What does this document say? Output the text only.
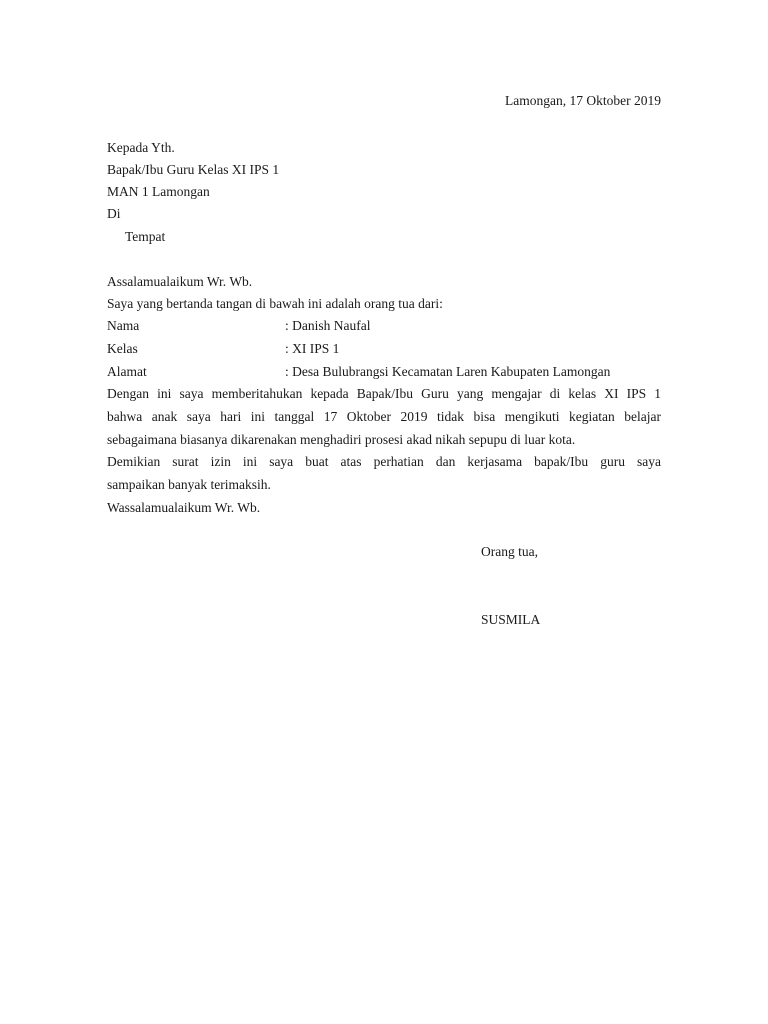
Lamongan, 17 Oktober 2019
Kepada Yth.
Bapak/Ibu Guru Kelas XI IPS 1
MAN 1 Lamongan
Di
Tempat
Assalamualaikum Wr. Wb.
Saya yang bertanda tangan di bawah ini adalah orang tua dari:
Nama	: Danish Naufal
Kelas	: XI IPS 1
Alamat	: Desa Bulubrangsi Kecamatan Laren Kabupaten Lamongan
Dengan ini saya memberitahukan kepada Bapak/Ibu Guru yang mengajar di kelas XI IPS 1
bahwa anak saya hari ini tanggal 17 Oktober 2019 tidak bisa mengikuti kegiatan belajar
sebagaimana biasanya dikarenakan menghadiri prosesi akad nikah sepupu di luar kota.
Demikian surat izin ini saya buat atas perhatian dan kerjasama bapak/Ibu guru saya
sampaikan banyak terimaksih.
Wassalamualaikum Wr. Wb.
Orang tua,
SUSMILA
